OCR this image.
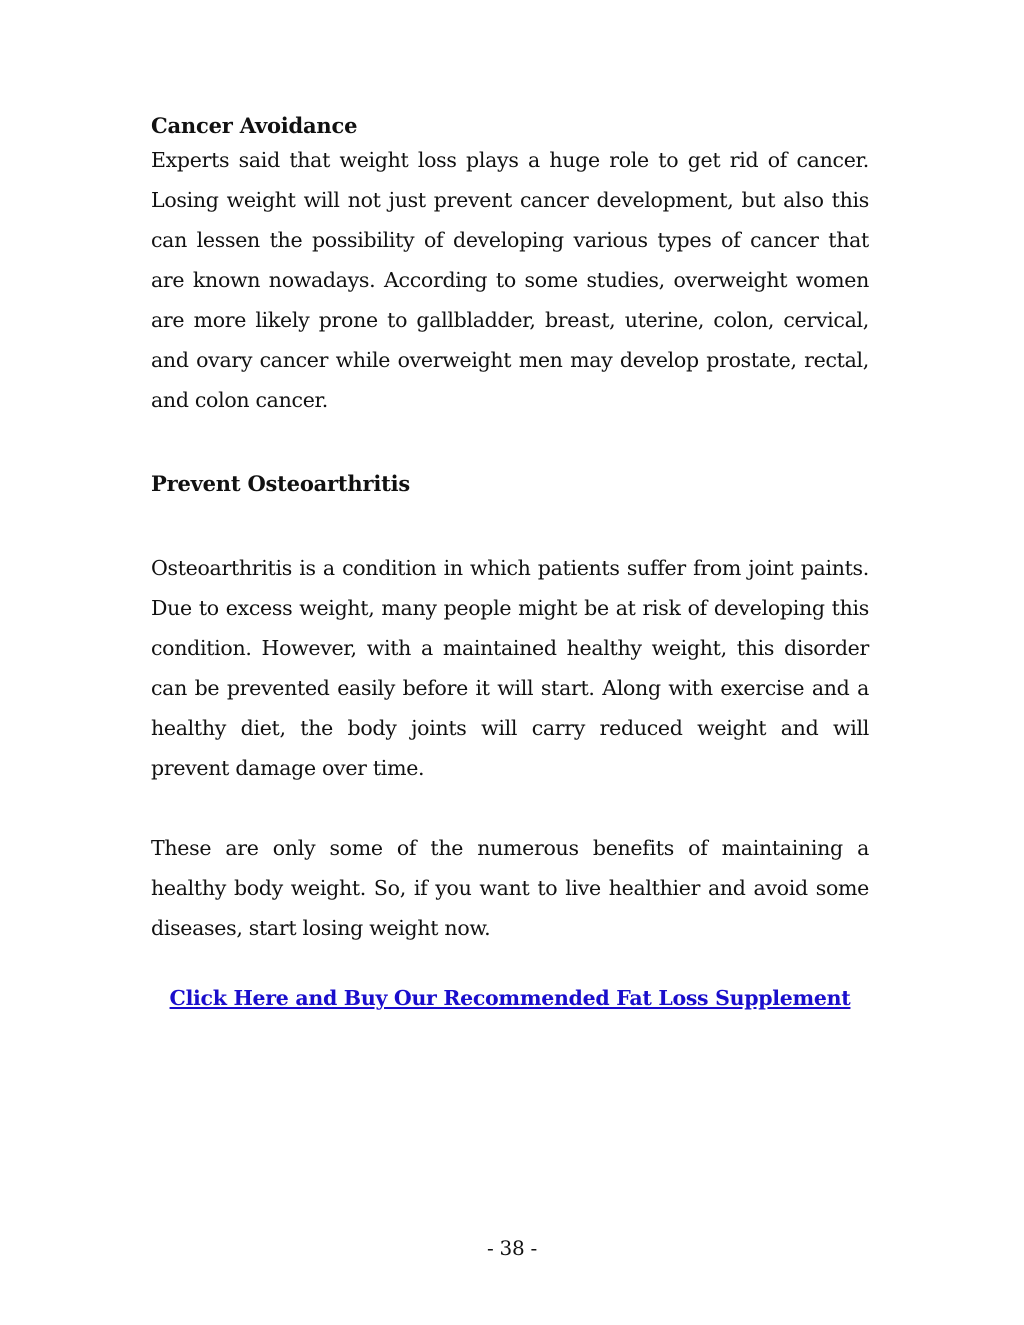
Cancer Avoidance

Experts said that weight loss plays a huge role to get rid of cancer. Losing weight will not just prevent cancer development, but also this can lessen the possibility of developing various types of cancer that are known nowadays. According to some studies, overweight women are more likely prone to gallbladder, breast, uterine, colon, cervical, and ovary cancer while overweight men may develop prostate, rectal, and colon cancer.

Prevent Osteoarthritis

Osteoarthritis is a condition in which patients suffer from joint paints. Due to excess weight, many people might be at risk of developing this condition. However, with a maintained healthy weight, this disorder can be prevented easily before it will start. Along with exercise and a healthy diet, the body joints will carry reduced weight and will prevent damage over time.

These are only some of the numerous benefits of maintaining a healthy body weight. So, if you want to live healthier and avoid some diseases, start losing weight now.

Click Here and Buy Our Recommended Fat Loss Supplement
- 38 -
